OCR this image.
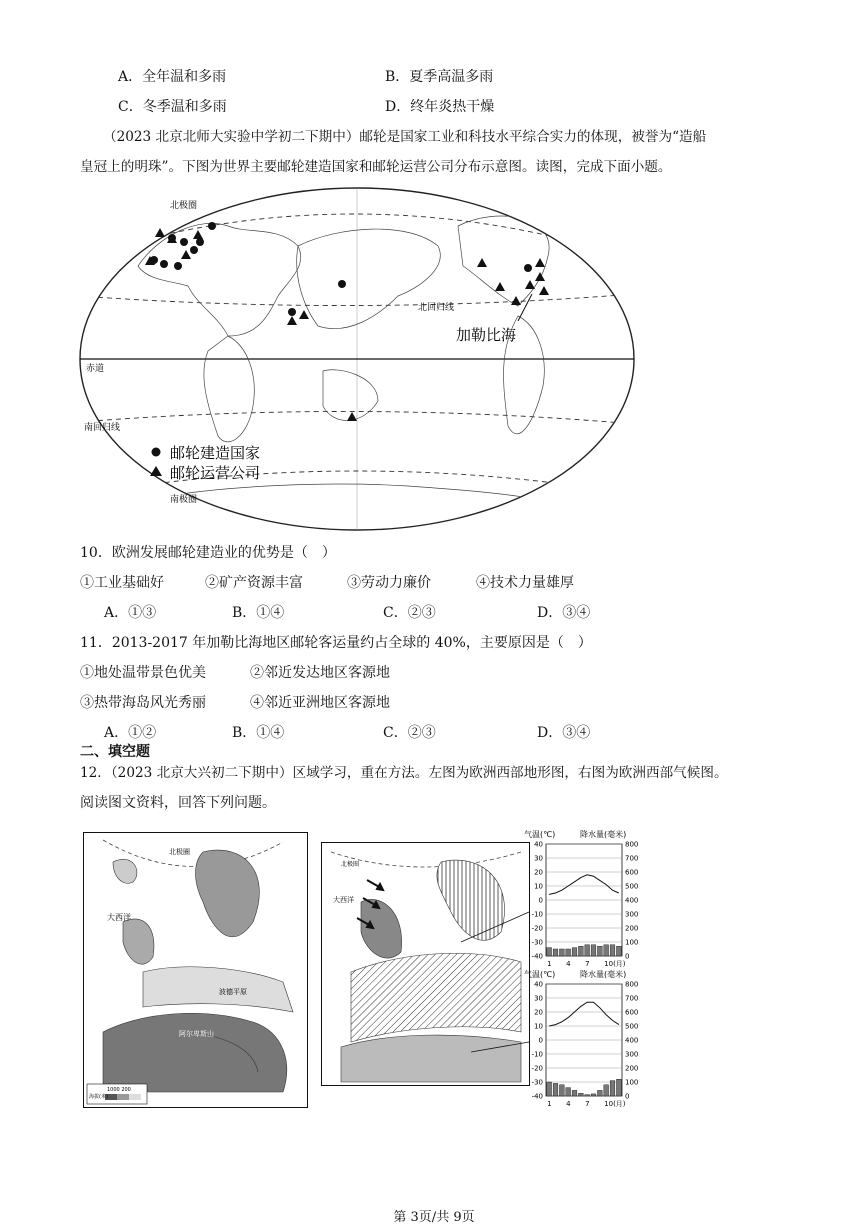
A．全年温和多雨	B．夏季高温多雨
C．冬季温和多雨	D．终年炎热干燥
（2023 北京北师大实验中学初二下期中）邮轮是国家工业和科技水平综合实力的体现，被誉为“造船
皇冠上的明珠”。下图为世界主要邮轮建造国家和邮轮运营公司分布示意图。读图，完成下面小题。
北极圈
北回归线
赤道
南回归线
南极圈
加勒比海
邮轮建造国家
邮轮运营公司
10．欧洲发展邮轮建造业的优势是（　）
①工业基础好	②矿产资源丰富	③劳动力廉价	④技术力量雄厚
A．①③	B．①④	C．②③	D．③④
11．2013-2017 年加勒比海地区邮轮客运量约占全球的 40%，主要原因是（　）
①地处温带景色优美	②邻近发达地区客源地
③热带海岛风光秀丽	④邻近亚洲地区客源地
A．①②	B．①④	C．②③	D．③④
二、填空题
12．（2023 北京大兴初二下期中）区域学习，重在方法。左图为欧洲西部地形图，右图为欧洲西部气候图。
阅读图文资料，回答下列问题。
北极圈
大西洋
波德平原
阿尔卑斯山
海拔(米)
1000 200
北极圈
大西洋
气温(℃)	降水量(毫米)
40
30
20
10
0
-10
-20
-30
-40
800
700
600
500
400
300
200
100
0
1 4 7 10(月)
气温(℃)	降水量(毫米)
40
30
20
10
0
-10
-20
-30
-40
800
700
600
500
400
300
200
100
0
1 4 7 10(月)
第 3页/共 9页
